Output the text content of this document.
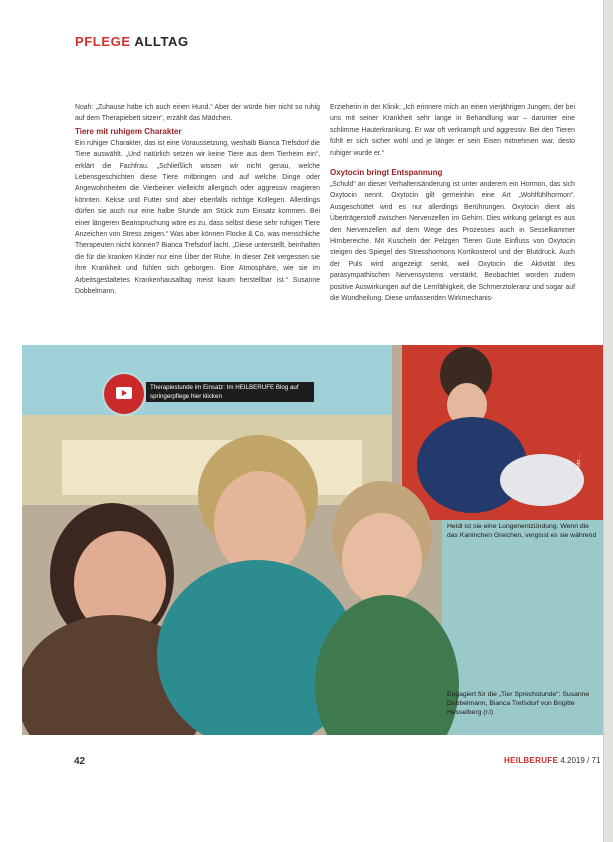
PFLEGE ALLTAG

Noah: „Zuhause habe ich auch einen Hund.“ Aber der würde hier nicht so ruhig auf dem Therapiebett sitzen“, erzählt das Mädchen.

Tiere mit ruhigem Charakter

Ein ruhiger Charakter, das ist eine Voraussetzung, weshalb Bianca Trefsdorf die Tiere auswählt. „Und natürlich setzen wir keine Tiere aus dem Tierheim ein“, erklärt die Fachfrau. „Schließlich wissen wir nicht genau, welche Lebensgeschichten diese Tiere mitbringen und auf welche Dinge oder Angewohnheiten die Vierbeiner vielleicht allergisch oder aggressiv reagieren könnten. Kekse und Futter sind aber ebenfalls richtige Kollegen. Allerdings dürfen sie auch nur eine halbe Stunde am Stück zum Einsatz kommen. Bei einer längeren Beanspruchung wäre es zu, dass selbst diese sehr ruhigen Tiere Anzeichen von Stress zeigen.“ Was aber können Flocke & Co. was menschliche Therapeuten nicht können? Bianca Trefsdorf lacht. „Diese unterstellt, beinhalten die für die kranken Kinder nur eine Über der Ruhe. In dieser Zeit vergessen sie ihre Krankheit und fühlen sich geborgen. Eine Atmosphäre, wie sie im Arbeitsgestaltetes Krankenhausalltag meist kaum herstellbar ist.“ Susanne Dobbelmann,

Erzieherin in der Klinik: „Ich erinnere mich an einen vierjährigen Jungen, der bei uns mit seiner Krankheit sehr lange in Behandlung war – darunter eine schlimme Hauterkrankung. Er war oft verkrampft und aggressiv. Bei den Tieren fühlt er sich sicher wohl und je länger er sein Eisen mitnehmen war, desto ruhiger wurde er.“

Oxytocin bringt Entspannung

„Schuld“ an dieser Verhaltensänderung ist unter anderem ein Hormon, das sich Oxytocin nennt. Oxytocin gilt gemeinhin eine Art „Wohlfühlhormon“. Ausgeschüttet wird es nur allerdings Berührungen. Oxytocin dient als Überträgerstoff zwischen Nervenzellen im Gehirn. Dies wirkung gelangt es aus den Nervenzellen auf dem Wege des Prozesses auch in Sesselkammer Hirnbereiche. Mit Kuscheln der Pelzgen Tieren Gute Einfluss von Oxytocin steigen des Spiegel des Stresshormons Kortikosterol und der Blutdruck. Auch der Puls wird angezeigt senkt, weil Oxytocin die Aktivität des parasympathischen Nervensystems verstärkt. Beobachtet worden zudem positive Auswirkungen auf die Lernfähigkeit, die Schmerztoleranz und sogar auf die Wundheilung. Diese umfassenden Wirkmechanis-

Therapiestunde im Einsatz: Im HEILBERUFE Blog auf springerpflege hier klicken
Foto: ...
Heidi ist sie eine Lungenentzündung. Wenn die das Kaninchen Greichen, vergisst es sie während
Engagiert für die „Tier Sprechstunde“: Susanne Dobbelmann, Bianca Trefsdorf von Brigitte Hesselberg (r.l)
42	HEILBERUFE 4.2019 / 71
